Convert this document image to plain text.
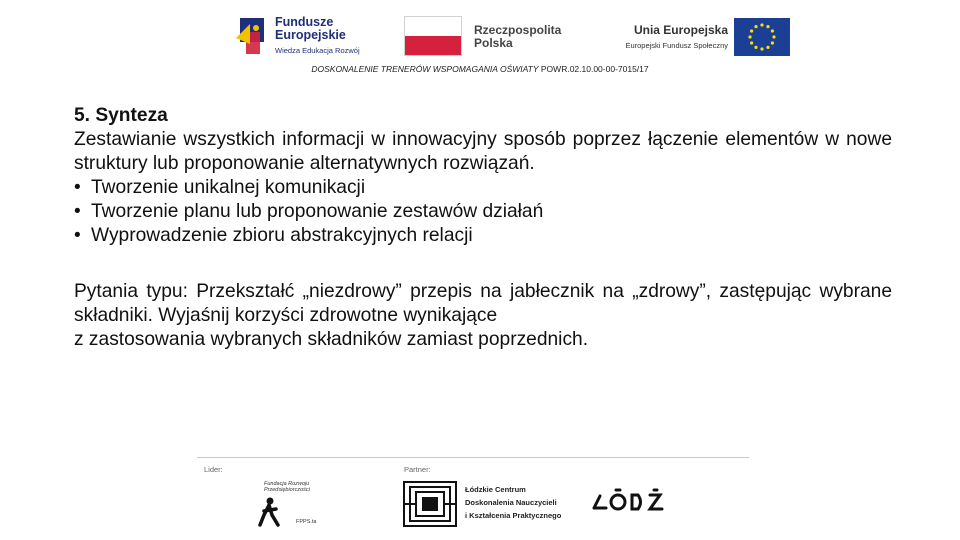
Fundusze
Europejskie
Wiedza Edukacja Rozwój
Rzeczpospolita
Polska
Unia Europejska
Europejski Fundusz Społeczny
DOSKONALENIE TRENERÓW WSPOMAGANIA OŚWIATY POWR.02.10.00-00-7015/17
5. Synteza
Zestawianie wszystkich informacji w innowacyjny sposób poprzez łączenie elementów w nowe struktury lub proponowanie alternatywnych rozwiązań.
• Tworzenie unikalnej komunikacji
• Tworzenie planu lub proponowanie zestawów działań
• Wyprowadzenie zbioru abstrakcyjnych relacji
Pytania typu: Przekształć „niezdrowy” przepis na jabłecznik na „zdrowy”, zastępując wybrane składniki. Wyjaśnij korzyści zdrowotne wynikające
z zastosowania wybranych składników zamiast poprzednich.
Lider:	Partner:
Fundacja Rozwoju Przedsiębiorczości
FPPS.ta
Łódzkie Centrum
Doskonalenia Nauczycieli
i Kształcenia Praktycznego
